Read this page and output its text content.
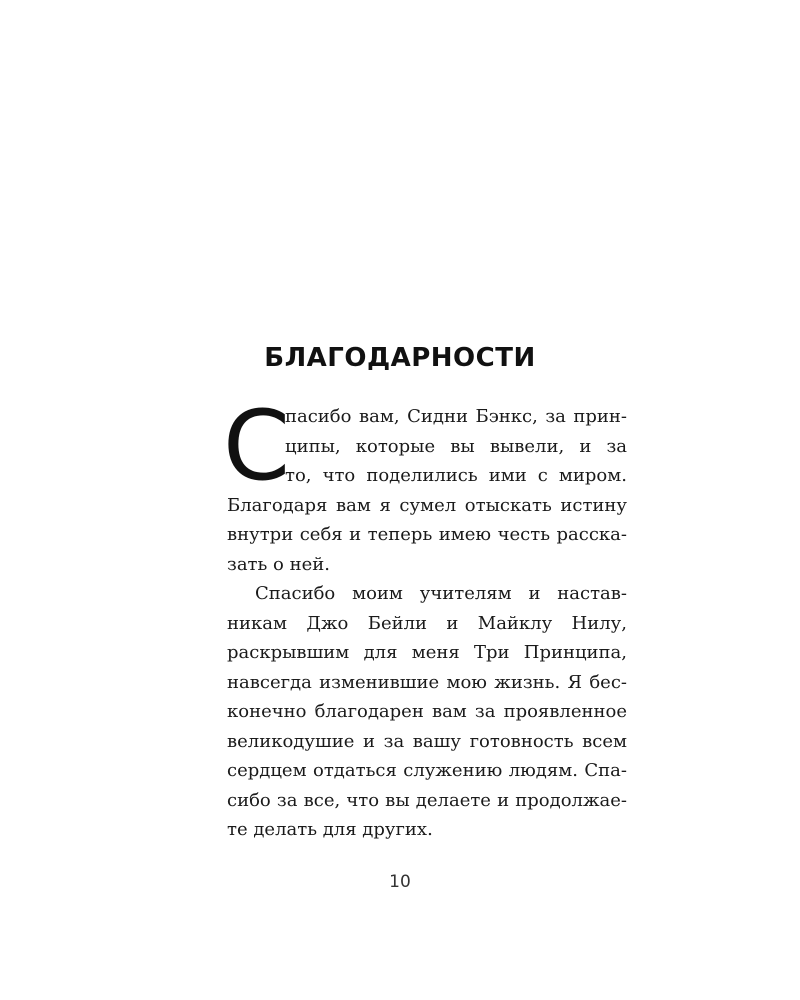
БЛАГОДАРНОСТИ
С
пасибо вам, Сидни Бэнкс, за прин-
ципы, которые вы вывели, и за
то, что поделились ими с миром.
Благодаря вам я сумел отыскать истину
внутри себя и теперь имею честь расска-
зать о ней.
Спасибо моим учителям и настав-
никам Джо Бейли и Майклу Нилу,
раскрывшим для меня Три Принципа,
навсегда изменившие мою жизнь. Я бес-
конечно благодарен вам за проявленное
великодушие и за вашу готовность всем
сердцем отдаться служению людям. Спа-
сибо за все, что вы делаете и продолжае-
те делать для других.
10
